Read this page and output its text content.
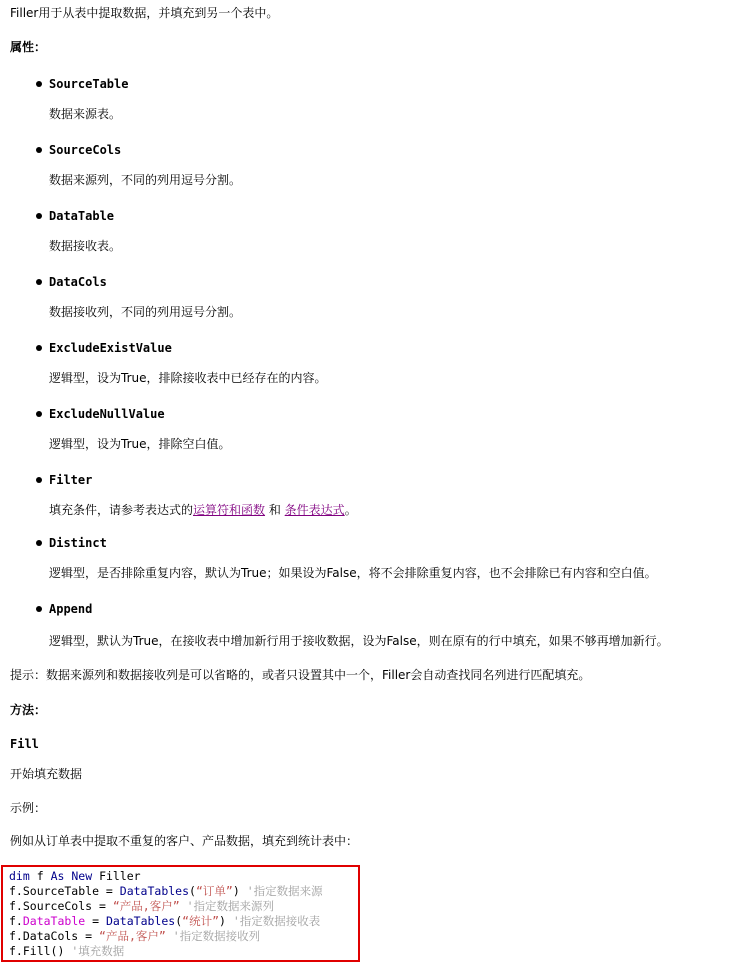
Filler用于从表中提取数据，并填充到另一个表中。
属性：
SourceTable
数据来源表。
SourceCols
数据来源列，不同的列用逗号分割。
DataTable
数据接收表。
DataCols
数据接收列，不同的列用逗号分割。
ExcludeExistValue
逻辑型，设为True，排除接收表中已经存在的内容。
ExcludeNullValue
逻辑型，设为True，排除空白值。
Filter
填充条件，请参考表达式的运算符和函数 和 条件表达式。
Distinct
逻辑型，是否排除重复内容，默认为True；如果设为False，将不会排除重复内容，也不会排除已有内容和空白值。
Append
逻辑型，默认为True，在接收表中增加新行用于接收数据，设为False，则在原有的行中填充，如果不够再增加新行。
提示：数据来源列和数据接收列是可以省略的，或者只设置其中一个，Filler会自动查找同名列进行匹配填充。
方法：
Fill
开始填充数据
示例：
例如从订单表中提取不重复的客户、产品数据，填充到统计表中：
dim f As New Filler
f.SourceTable = DataTables(“订单”) '指定数据来源
f.SourceCols = “产品,客户” '指定数据来源列
f.DataTable = DataTables(“统计”) '指定数据接收表
f.DataCols = “产品,客户” '指定数据接收列
f.Fill() '填充数据
